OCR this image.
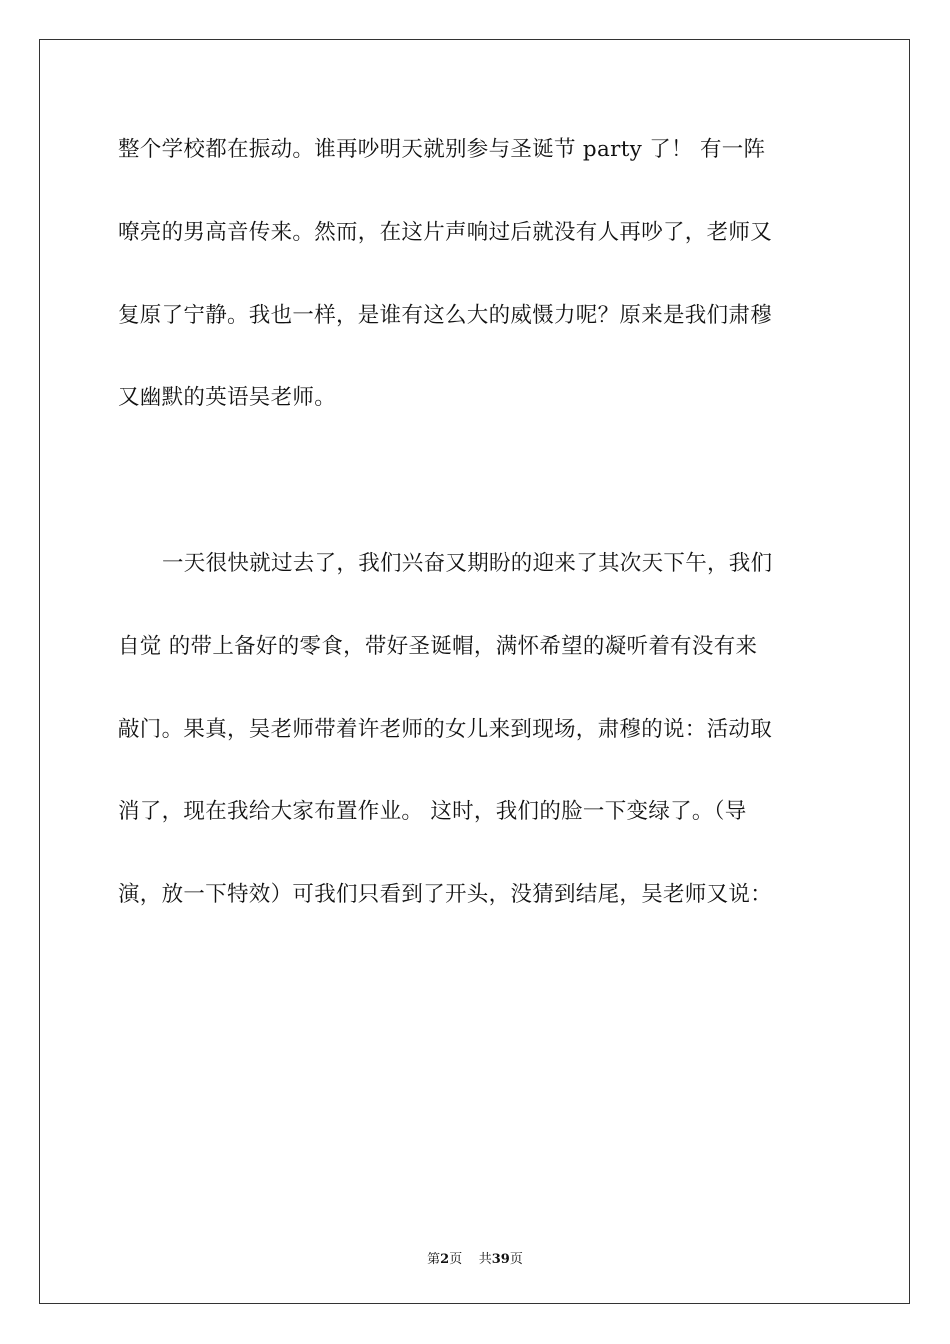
整个学校都在振动。谁再吵明天就别参与圣诞节 party 了！ 有一阵
嘹亮的男高音传来。然而，在这片声响过后就没有人再吵了，老师又
复原了宁静。我也一样，是谁有这么大的威慑力呢？原来是我们肃穆
又幽默的英语吴老师。
一天很快就过去了，我们兴奋又期盼的迎来了其次天下午，我们
自觉 的带上备好的零食，带好圣诞帽，满怀希望的凝听着有没有来
敲门。果真，吴老师带着许老师的女儿来到现场，肃穆的说：活动取
消了，现在我给大家布置作业。 这时，我们的脸一下变绿了。（导
演，放一下特效）可我们只看到了开头，没猜到结尾，吴老师又说：
第2页 共39页
